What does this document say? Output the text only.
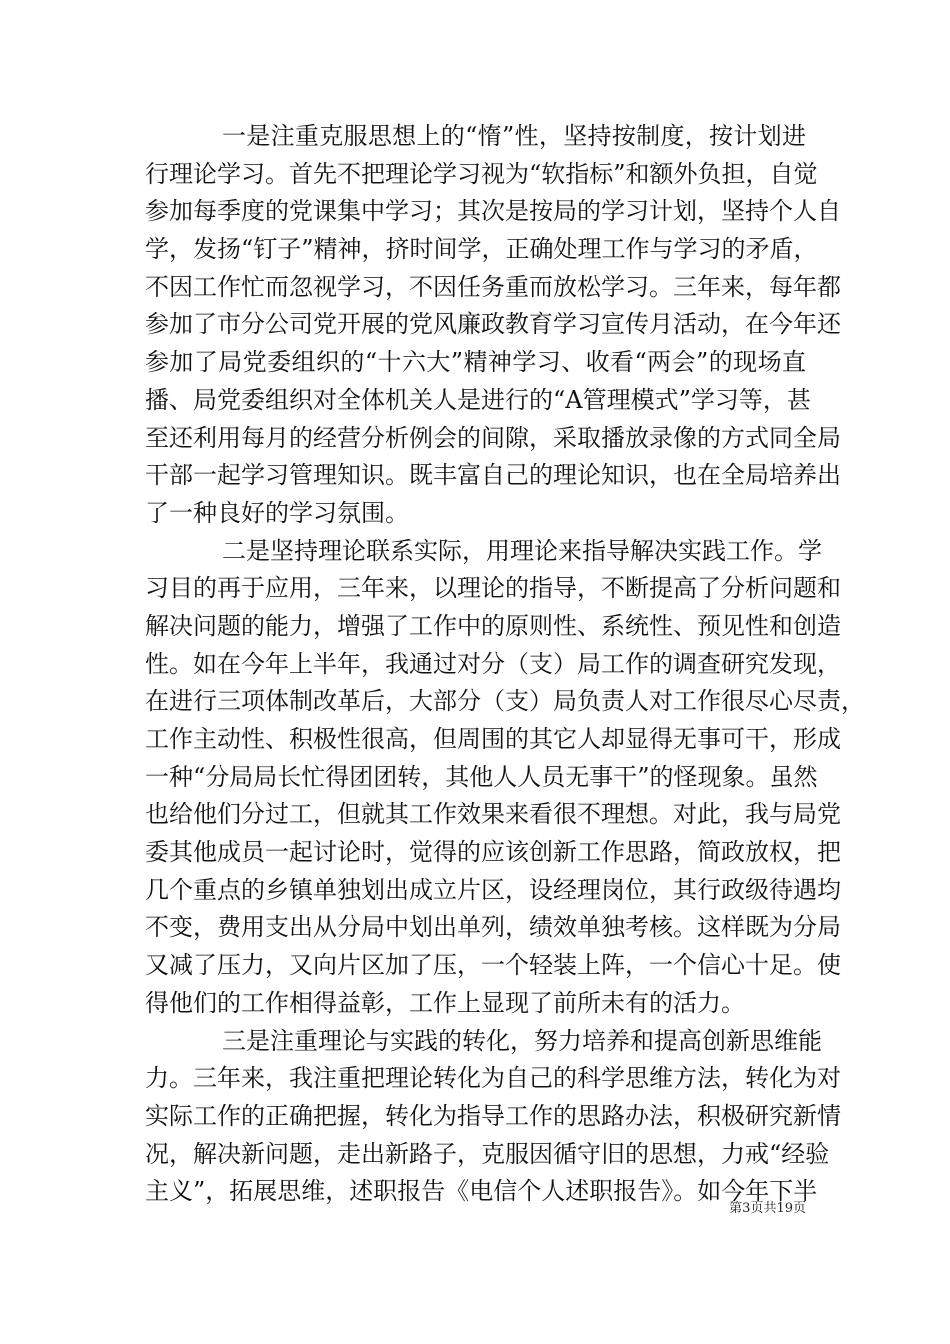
一是注重克服思想上的“惰”性，坚持按制度，按计划进
行理论学习。首先不把理论学习视为“软指标”和额外负担，自觉
参加每季度的党课集中学习；其次是按局的学习计划，坚持个人自
学，发扬“钉子”精神，挤时间学，正确处理工作与学习的矛盾，
不因工作忙而忽视学习，不因任务重而放松学习。三年来，每年都
参加了市分公司党开展的党风廉政教育学习宣传月活动，在今年还
参加了局党委组织的“十六大”精神学习、收看“两会”的现场直
播、局党委组织对全体机关人是进行的“A管理模式”学习等，甚
至还利用每月的经营分析例会的间隙，采取播放录像的方式同全局
干部一起学习管理知识。既丰富自己的理论知识，也在全局培养出
了一种良好的学习氛围。
二是坚持理论联系实际，用理论来指导解决实践工作。学
习目的再于应用，三年来，以理论的指导，不断提高了分析问题和
解决问题的能力，增强了工作中的原则性、系统性、预见性和创造
性。如在今年上半年，我通过对分（支）局工作的调查研究发现，
在进行三项体制改革后，大部分（支）局负责人对工作很尽心尽责，
工作主动性、积极性很高，但周围的其它人却显得无事可干，形成
一种“分局局长忙得团团转，其他人人员无事干”的怪现象。虽然
也给他们分过工，但就其工作效果来看很不理想。对此，我与局党
委其他成员一起讨论时，觉得的应该创新工作思路，简政放权，把
几个重点的乡镇单独划出成立片区，设经理岗位，其行政级待遇均
不变，费用支出从分局中划出单列，绩效单独考核。这样既为分局
又减了压力，又向片区加了压，一个轻装上阵，一个信心十足。使
得他们的工作相得益彰，工作上显现了前所未有的活力。
三是注重理论与实践的转化，努力培养和提高创新思维能
力。三年来，我注重把理论转化为自己的科学思维方法，转化为对
实际工作的正确把握，转化为指导工作的思路办法，积极研究新情
况，解决新问题，走出新路子，克服因循守旧的思想，力戒“经验
主义”，拓展思维，述职报告《电信个人述职报告》。如今年下半
第3页共19页
